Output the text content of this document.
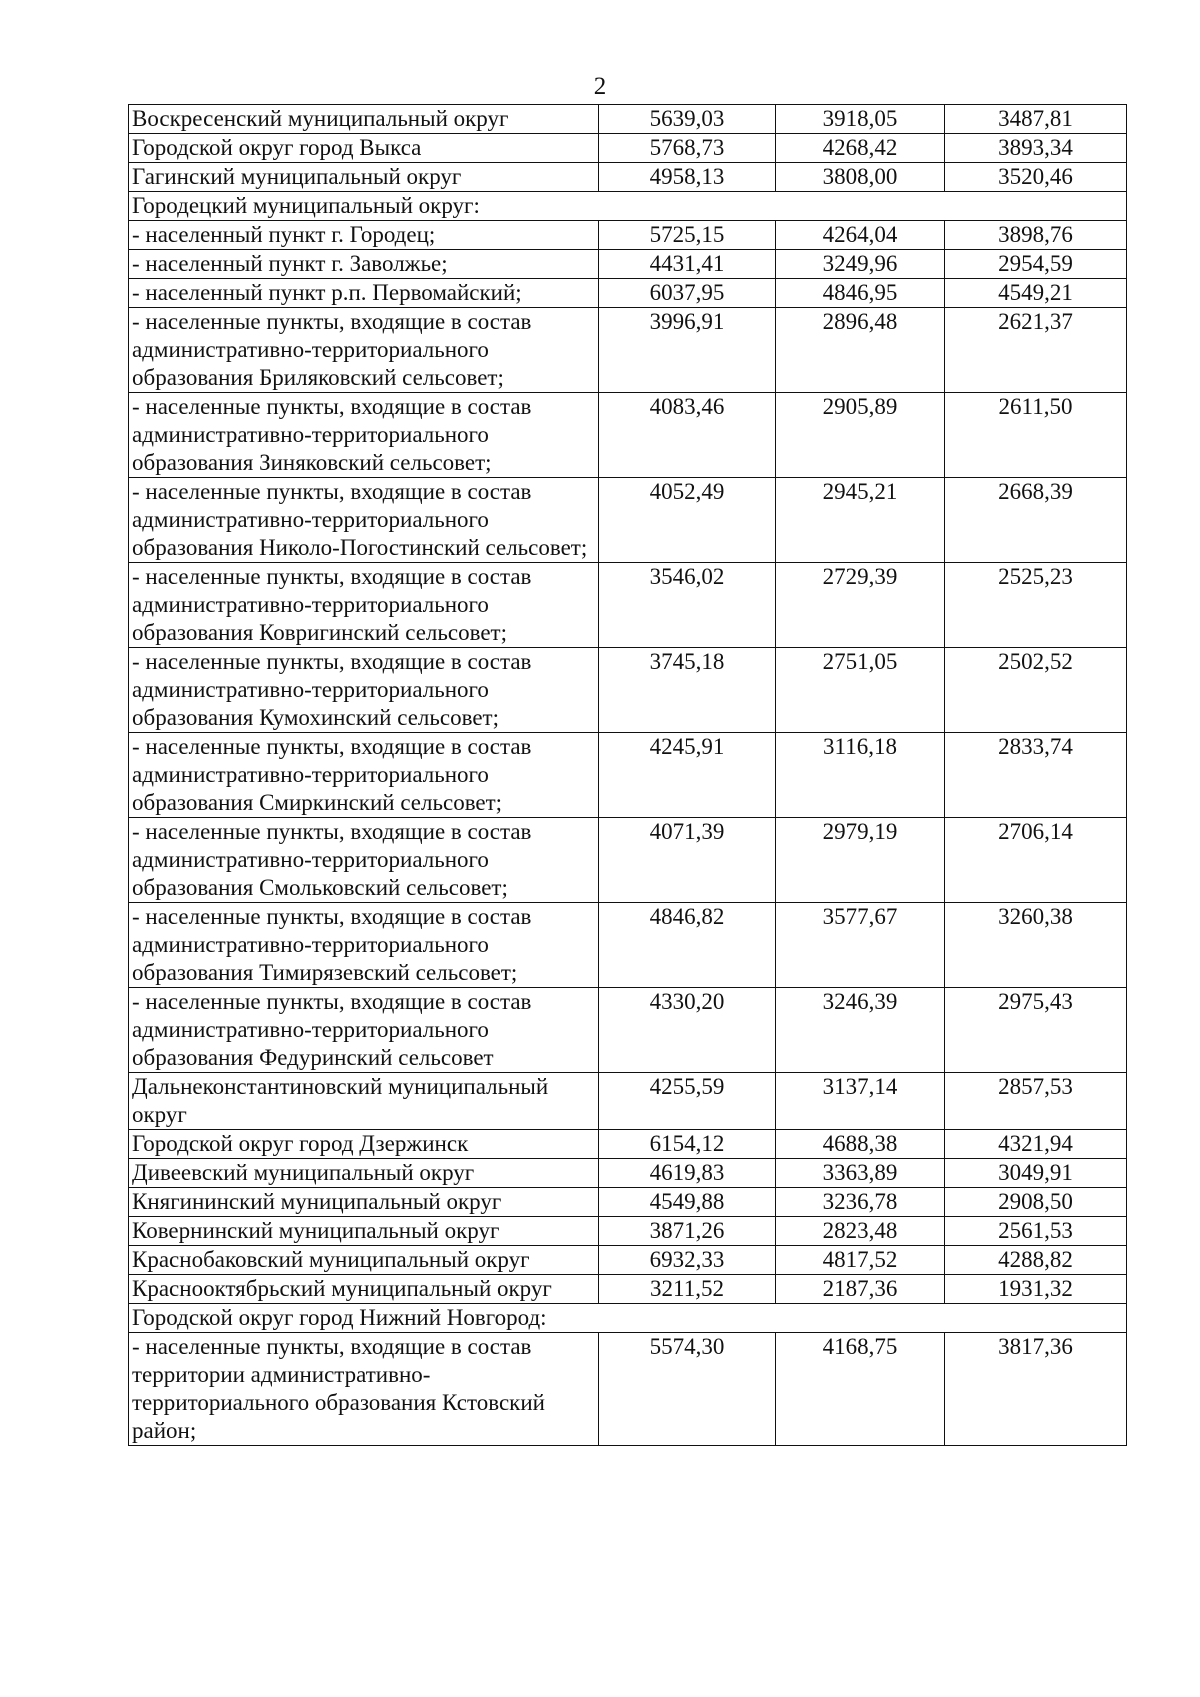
2
Воскресенский муниципальный округ	5639,03	3918,05	3487,81
Городской округ город Выкса	5768,73	4268,42	3893,34
Гагинский муниципальный округ	4958,13	3808,00	3520,46
Городецкий муниципальный округ:			
- населенный пункт г. Городец;	5725,15	4264,04	3898,76
- населенный пункт г. Заволжье;	4431,41	3249,96	2954,59
- населенный пункт р.п. Первомайский;	6037,95	4846,95	4549,21
- населенные пункты, входящие в состав административно-территориального образования Бриляковский сельсовет;	3996,91	2896,48	2621,37
- населенные пункты, входящие в состав административно-территориального образования Зиняковский сельсовет;	4083,46	2905,89	2611,50
- населенные пункты, входящие в состав административно-территориального образования Николо-Погостинский сельсовет;	4052,49	2945,21	2668,39
- населенные пункты, входящие в состав административно-территориального образования Ковригинский сельсовет;	3546,02	2729,39	2525,23
- населенные пункты, входящие в состав административно-территориального образования Кумохинский сельсовет;	3745,18	2751,05	2502,52
- населенные пункты, входящие в состав административно-территориального образования Смиркинский сельсовет;	4245,91	3116,18	2833,74
- населенные пункты, входящие в состав административно-территориального образования Смольковский сельсовет;	4071,39	2979,19	2706,14
- населенные пункты, входящие в состав административно-территориального образования Тимирязевский сельсовет;	4846,82	3577,67	3260,38
- населенные пункты, входящие в состав административно-территориального образования Федуринский сельсовет	4330,20	3246,39	2975,43
Дальнеконстантиновский муниципальный округ	4255,59	3137,14	2857,53
Городской округ город Дзержинск	6154,12	4688,38	4321,94
Дивеевский муниципальный округ	4619,83	3363,89	3049,91
Княгининский муниципальный округ	4549,88	3236,78	2908,50
Ковернинский муниципальный округ	3871,26	2823,48	2561,53
Краснобаковский муниципальный округ	6932,33	4817,52	4288,82
Краснооктябрьский муниципальный округ	3211,52	2187,36	1931,32
Городской округ город Нижний Новгород:			
- населенные пункты, входящие в состав территории административно-территориального образования Кстовский район;	5574,30	4168,75	3817,36
